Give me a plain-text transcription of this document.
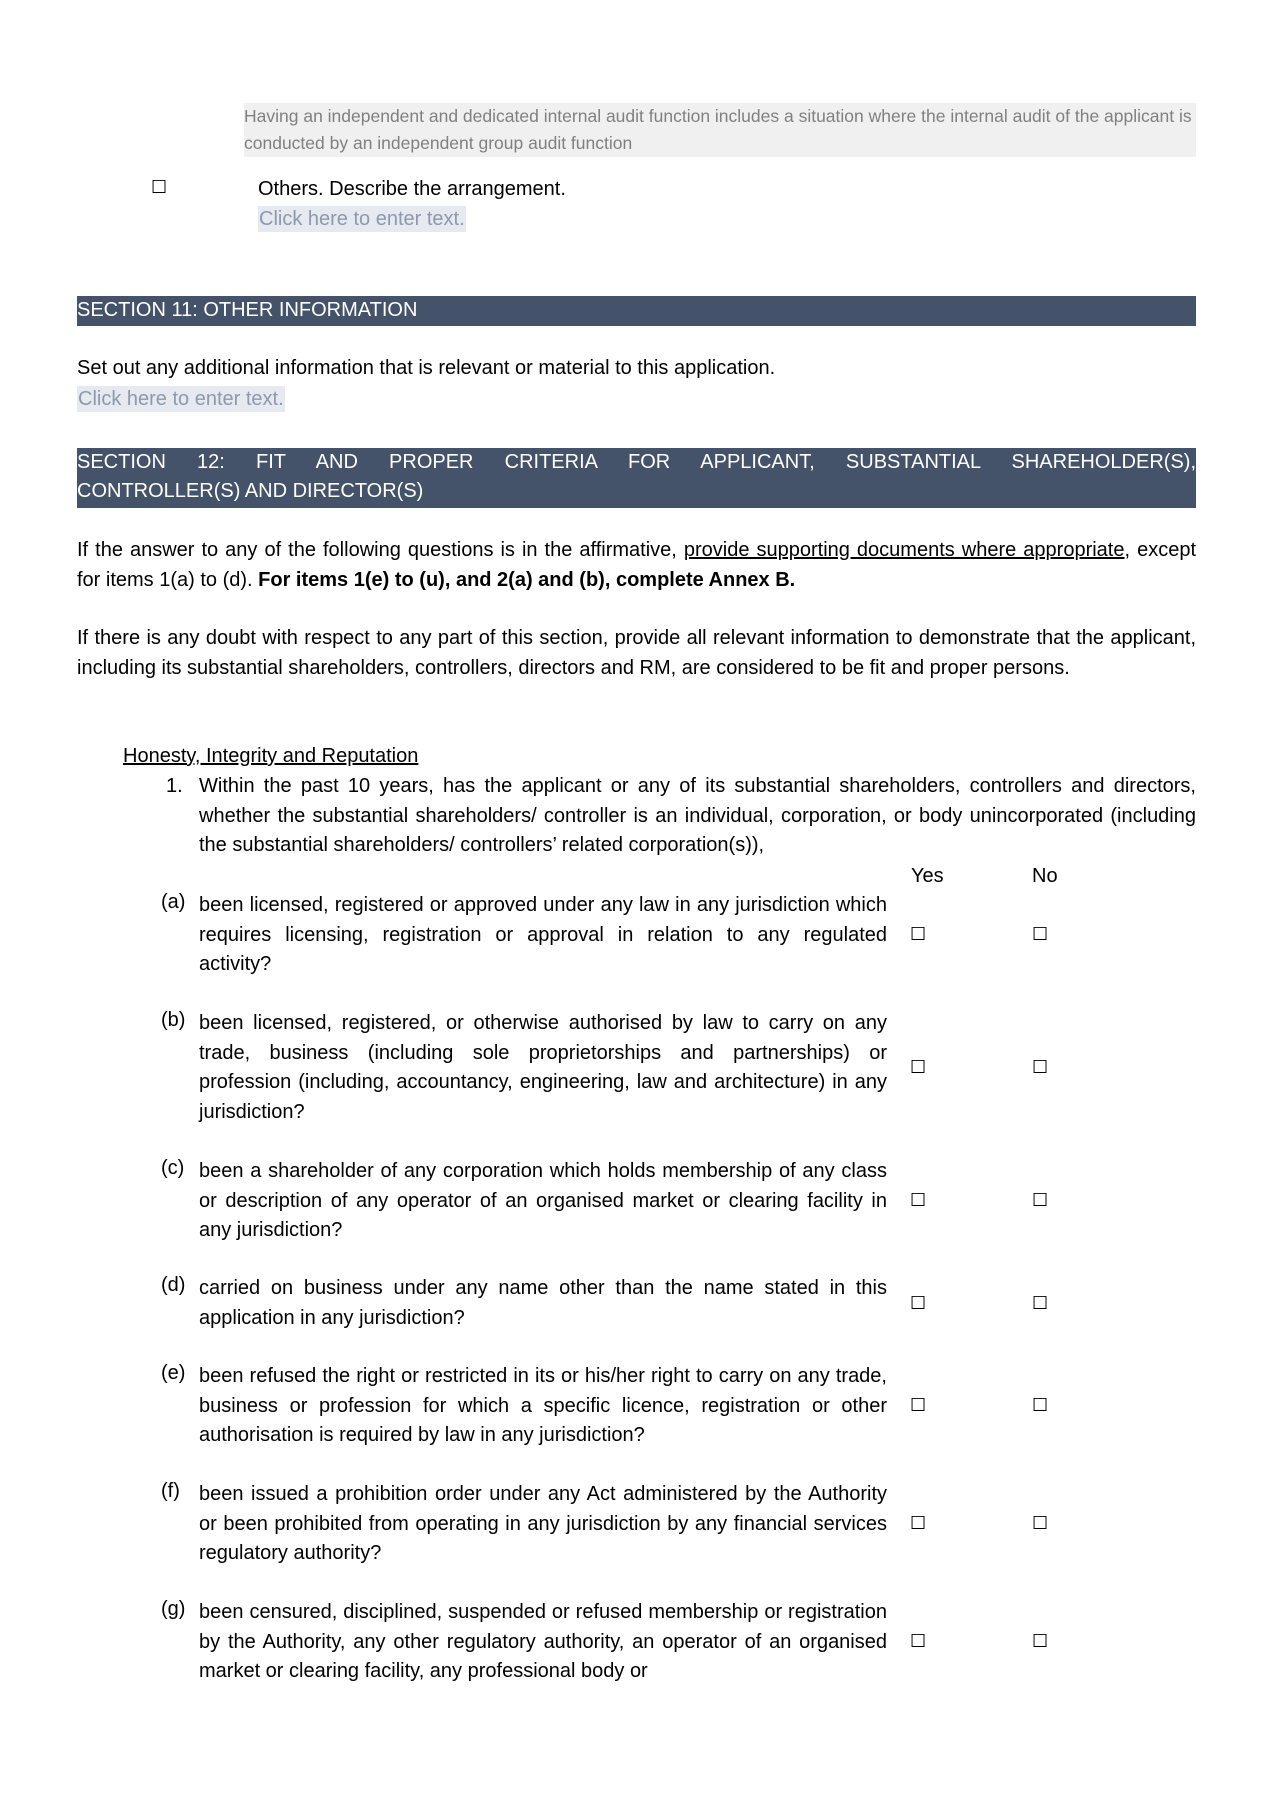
Having an independent and dedicated internal audit function includes a situation where the internal audit of the applicant is conducted by an independent group audit function
☐	Others. Describe the arrangement.
Click here to enter text.
SECTION 11: OTHER INFORMATION
Set out any additional information that is relevant or material to this application.
Click here to enter text.
SECTION 12: FIT AND PROPER CRITERIA FOR APPLICANT, SUBSTANTIAL SHAREHOLDER(S),
CONTROLLER(S) AND DIRECTOR(S)
If the answer to any of the following questions is in the affirmative, provide supporting documents where appropriate, except for items 1(a) to (d). For items 1(e) to (u), and 2(a) and (b), complete Annex B.
If there is any doubt with respect to any part of this section, provide all relevant information to demonstrate that the applicant, including its substantial shareholders, controllers, directors and RM, are considered to be fit and proper persons.
Honesty, Integrity and Reputation
1. Within the past 10 years, has the applicant or any of its substantial shareholders, controllers and directors, whether the substantial shareholders/ controller is an individual, corporation, or body unincorporated (including the substantial shareholders/ controllers’ related corporation(s)),
Yes	No
(a) been licensed, registered or approved under any law in any jurisdiction which requires licensing, registration or approval in relation to any regulated activity?
☐	☐
(b) been licensed, registered, or otherwise authorised by law to carry on any trade, business (including sole proprietorships and partnerships) or profession (including, accountancy, engineering, law and architecture) in any jurisdiction?
☐	☐
(c) been a shareholder of any corporation which holds membership of any class or description of any operator of an organised market or clearing facility in any jurisdiction?
☐	☐
(d) carried on business under any name other than the name stated in this application in any jurisdiction?
☐	☐
(e) been refused the right or restricted in its or his/her right to carry on any trade, business or profession for which a specific licence, registration or other authorisation is required by law in any jurisdiction?
☐	☐
(f) been issued a prohibition order under any Act administered by the Authority or been prohibited from operating in any jurisdiction by any financial services regulatory authority?
☐	☐
(g) been censured, disciplined, suspended or refused membership or registration by the Authority, any other regulatory authority, an operator of an organised market or clearing facility, any professional body or
☐	☐
